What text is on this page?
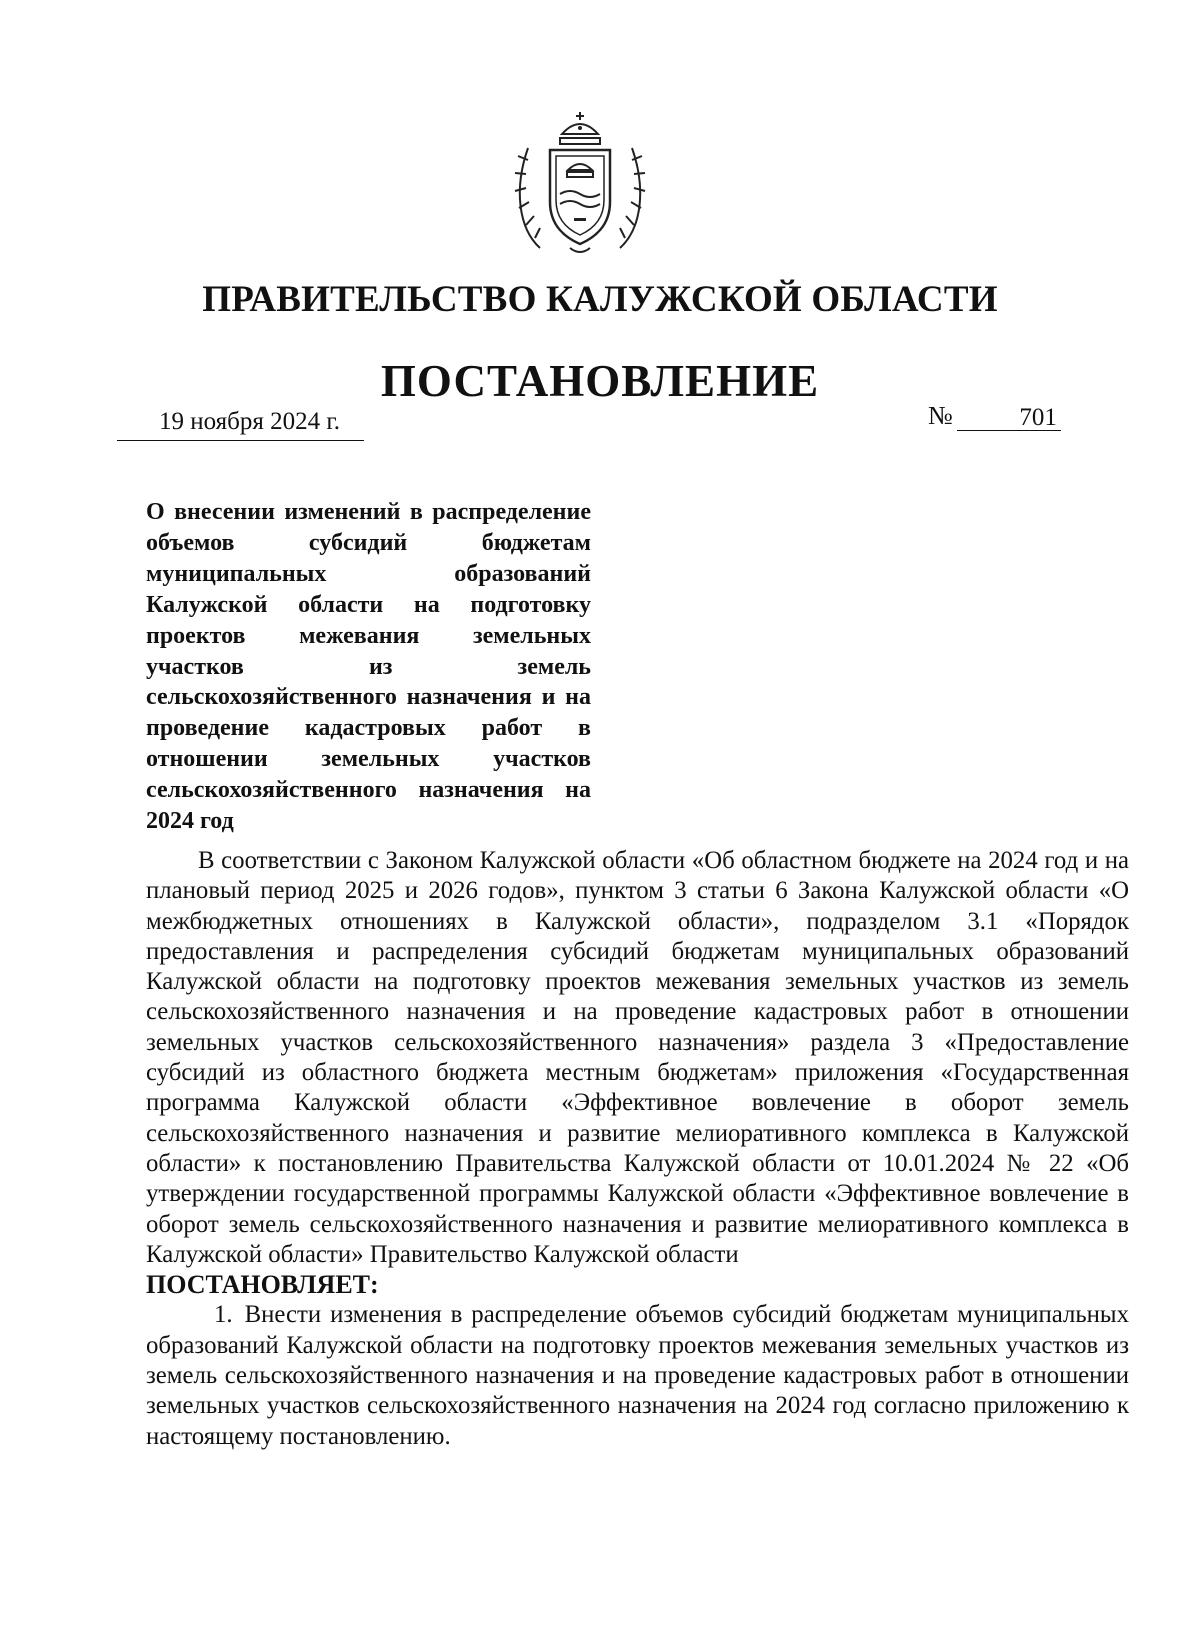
ПРАВИТЕЛЬСТВО КАЛУЖСКОЙ ОБЛАСТИ
ПОСТАНОВЛЕНИЕ
19 ноября 2024 г.	№	701
О внесении изменений в распределение объемов субсидий бюджетам муниципальных образований Калужской области на подготовку проектов межевания земельных участков из земель сельскохозяйственного назначения и на проведение кадастровых работ в отношении земельных участков сельскохозяйственного назначения на 2024 год

В соответствии с Законом Калужской области «Об областном бюджете на 2024 год и на плановый период 2025 и 2026 годов», пунктом 3 статьи 6 Закона Калужской области «О межбюджетных отношениях в Калужской области», подразделом 3.1 «Порядок предоставления и распределения субсидий бюджетам муниципальных образований Калужской области на подготовку проектов межевания земельных участков из земель сельскохозяйственного назначения и на проведение кадастровых работ в отношении земельных участков сельскохозяйственного назначения» раздела 3 «Предоставление субсидий из областного бюджета местным бюджетам» приложения «Государственная программа Калужской области «Эффективное вовлечение в оборот земель сельскохозяйственного назначения и развитие мелиоративного комплекса в Калужской области» к постановлению Правительства Калужской области от 10.01.2024 № 22 «Об утверждении государственной программы Калужской области «Эффективное вовлечение в оборот земель сельскохозяйственного назначения и развитие мелиоративного комплекса в Калужской области» Правительство Калужской области

ПОСТАНОВЛЯЕТ:

1. Внести изменения в распределение объемов субсидий бюджетам муниципальных образований Калужской области на подготовку проектов межевания земельных участков из земель сельскохозяйственного назначения и на проведение кадастровых работ в отношении земельных участков сельскохозяйственного назначения на 2024 год согласно приложению к настоящему постановлению.
